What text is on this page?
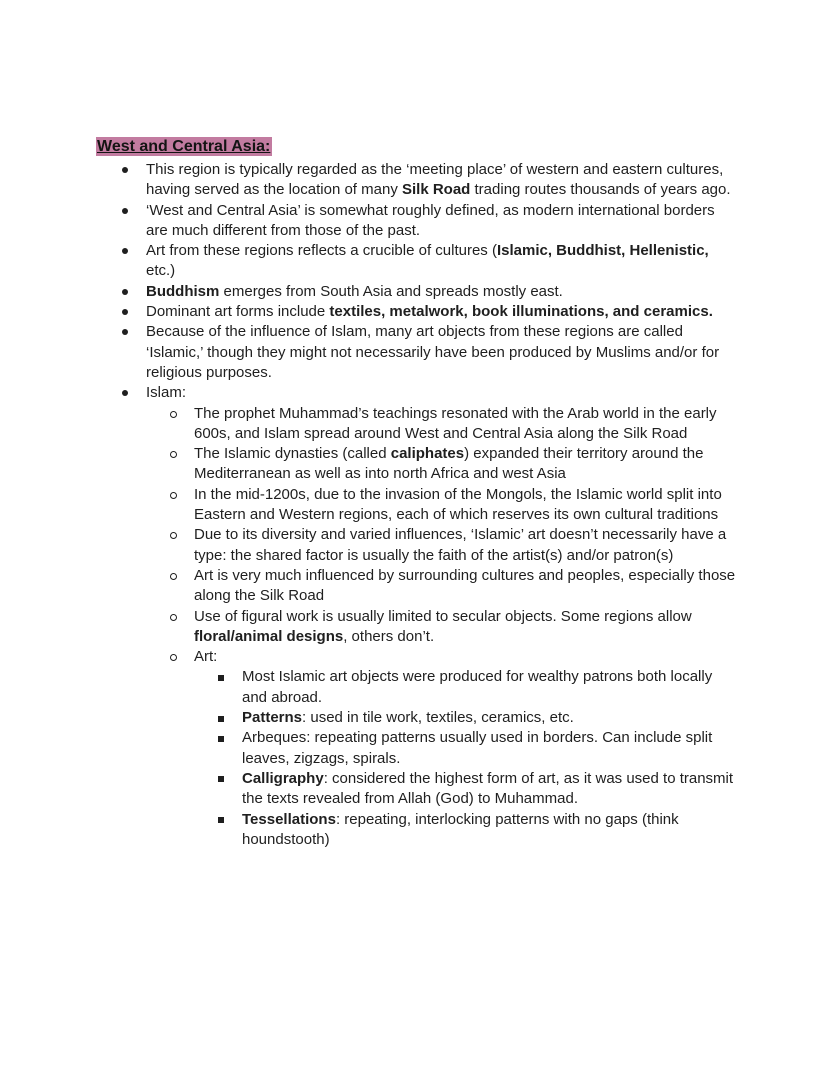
West and Central Asia:
This region is typically regarded as the ‘meeting place’ of western and eastern cultures, having served as the location of many Silk Road trading routes thousands of years ago.
‘West and Central Asia’ is somewhat roughly defined, as modern international borders are much different from those of the past.
Art from these regions reflects a crucible of cultures (Islamic, Buddhist, Hellenistic, etc.)
Buddhism emerges from South Asia and spreads mostly east.
Dominant art forms include textiles, metalwork, book illuminations, and ceramics.
Because of the influence of Islam, many art objects from these regions are called ‘Islamic,’ though they might not necessarily have been produced by Muslims and/or for religious purposes.
Islam:
The prophet Muhammad’s teachings resonated with the Arab world in the early 600s, and Islam spread around West and Central Asia along the Silk Road
The Islamic dynasties (called caliphates) expanded their territory around the Mediterranean as well as into north Africa and west Asia
In the mid-1200s, due to the invasion of the Mongols, the Islamic world split into Eastern and Western regions, each of which reserves its own cultural traditions
Due to its diversity and varied influences, ‘Islamic’ art doesn’t necessarily have a type: the shared factor is usually the faith of the artist(s) and/or patron(s)
Art is very much influenced by surrounding cultures and peoples, especially those along the Silk Road
Use of figural work is usually limited to secular objects. Some regions allow floral/animal designs, others don’t.
Art:
Most Islamic art objects were produced for wealthy patrons both locally and abroad.
Patterns: used in tile work, textiles, ceramics, etc.
Arbeques: repeating patterns usually used in borders. Can include split leaves, zigzags, spirals.
Calligraphy: considered the highest form of art, as it was used to transmit the texts revealed from Allah (God) to Muhammad.
Tessellations: repeating, interlocking patterns with no gaps (think houndstooth)
